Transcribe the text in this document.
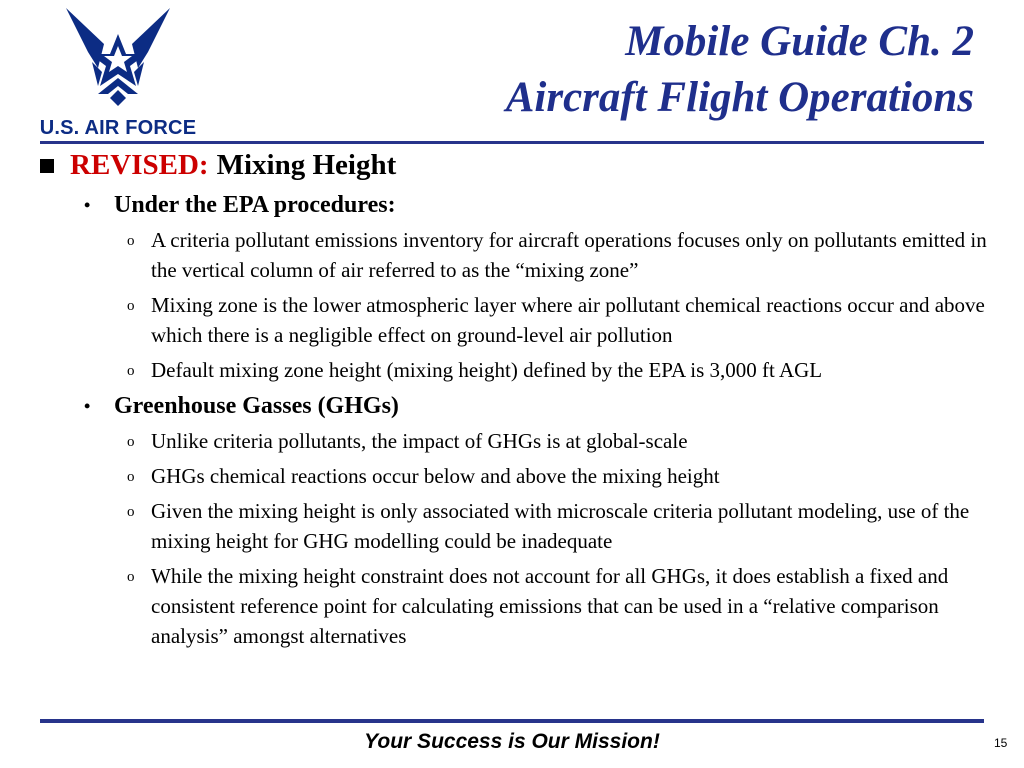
U.S. AIR FORCE
Mobile Guide Ch. 2
Aircraft Flight Operations
REVISED: Mixing Height
• Under the EPA procedures:
o A criteria pollutant emissions inventory for aircraft operations focuses only on pollutants emitted in the vertical column of air referred to as the “mixing zone”
o Mixing zone is the lower atmospheric layer where air pollutant chemical reactions occur and above which there is a negligible effect on ground-level air pollution
o Default mixing zone height (mixing height) defined by the EPA is 3,000 ft AGL
• Greenhouse Gasses (GHGs)
o Unlike criteria pollutants, the impact of GHGs is at global-scale
o GHGs chemical reactions occur below and above the mixing height
o Given the mixing height is only associated with microscale criteria pollutant modeling, use of the mixing height for GHG modelling could be inadequate
o While the mixing height constraint does not account for all GHGs, it does establish a fixed and consistent reference point for calculating emissions that can be used in a “relative comparison analysis” amongst alternatives
Your Success is Our Mission!	15
